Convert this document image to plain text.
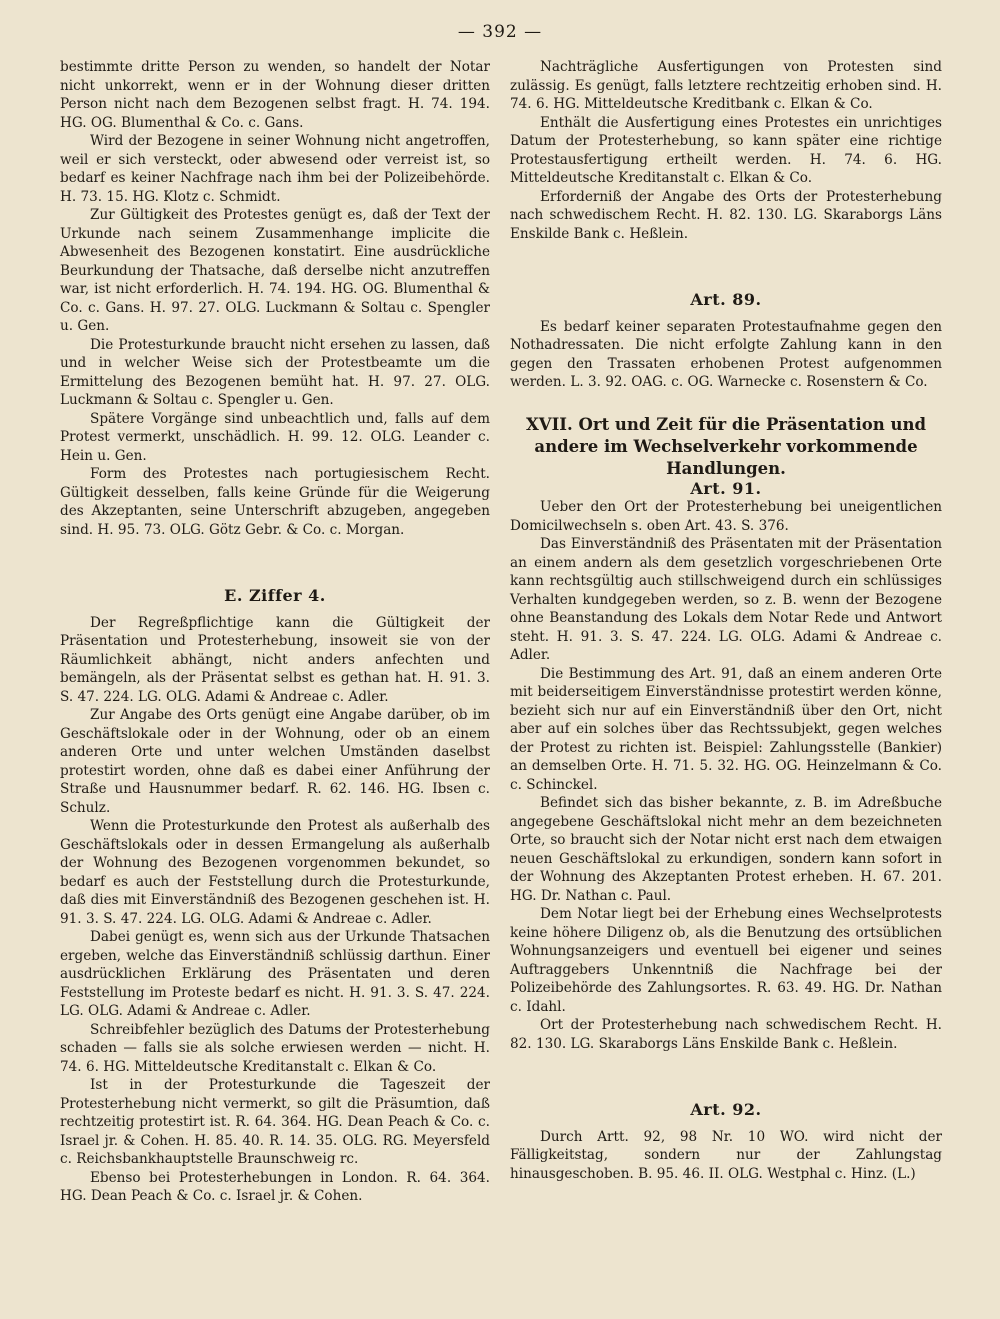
— 392 —

bestimmte dritte Person zu wenden, so handelt der Notar nicht unkorrekt, wenn er in der Wohnung dieser dritten Person nicht nach dem Bezogenen selbst fragt. H. 74. 194. HG. OG. Blumenthal & Co. c. Gans.

Wird der Bezogene in seiner Wohnung nicht angetroffen, weil er sich versteckt, oder abwesend oder verreist ist, so bedarf es keiner Nachfrage nach ihm bei der Polizeibehörde. H. 73. 15. HG. Klotz c. Schmidt.

Zur Gültigkeit des Protestes genügt es, daß der Text der Urkunde nach seinem Zusammenhange implicite die Abwesenheit des Bezogenen konstatirt. Eine ausdrückliche Beurkundung der Thatsache, daß derselbe nicht anzutreffen war, ist nicht erforderlich. H. 74. 194. HG. OG. Blumenthal & Co. c. Gans. H. 97. 27. OLG. Luckmann & Soltau c. Spengler u. Gen.

Die Protesturkunde braucht nicht ersehen zu lassen, daß und in welcher Weise sich der Protestbeamte um die Ermittelung des Bezogenen bemüht hat. H. 97. 27. OLG. Luckmann & Soltau c. Spengler u. Gen.

Spätere Vorgänge sind unbeachtlich und, falls auf dem Protest vermerkt, unschädlich. H. 99. 12. OLG. Leander c. Hein u. Gen.

Form des Protestes nach portugiesischem Recht. Gültigkeit desselben, falls keine Gründe für die Weigerung des Akzeptanten, seine Unterschrift abzugeben, angegeben sind. H. 95. 73. OLG. Götz Gebr. & Co. c. Morgan.

E. Ziffer 4.

Der Regreßpflichtige kann die Gültigkeit der Präsentation und Protesterhebung, insoweit sie von der Räumlichkeit abhängt, nicht anders anfechten und bemängeln, als der Präsentat selbst es gethan hat. H. 91. 3. S. 47. 224. LG. OLG. Adami & Andreae c. Adler.

Zur Angabe des Orts genügt eine Angabe darüber, ob im Geschäftslokale oder in der Wohnung, oder ob an einem anderen Orte und unter welchen Umständen daselbst protestirt worden, ohne daß es dabei einer Anführung der Straße und Hausnummer bedarf. R. 62. 146. HG. Ibsen c. Schulz.

Wenn die Protesturkunde den Protest als außerhalb des Geschäftslokals oder in dessen Ermangelung als außerhalb der Wohnung des Bezogenen vorgenommen bekundet, so bedarf es auch der Feststellung durch die Protesturkunde, daß dies mit Einverständniß des Bezogenen geschehen ist. H. 91. 3. S. 47. 224. LG. OLG. Adami & Andreae c. Adler.

Dabei genügt es, wenn sich aus der Urkunde Thatsachen ergeben, welche das Einverständniß schlüssig darthun. Einer ausdrücklichen Erklärung des Präsentaten und deren Feststellung im Proteste bedarf es nicht. H. 91. 3. S. 47. 224. LG. OLG. Adami & Andreae c. Adler.

Schreibfehler bezüglich des Datums der Protesterhebung schaden — falls sie als solche erwiesen werden — nicht. H. 74. 6. HG. Mitteldeutsche Kreditanstalt c. Elkan & Co.

Ist in der Protesturkunde die Tageszeit der Protesterhebung nicht vermerkt, so gilt die Präsumtion, daß rechtzeitig protestirt ist. R. 64. 364. HG. Dean Peach & Co. c. Israel jr. & Cohen. H. 85. 40. R. 14. 35. OLG. RG. Meyersfeld c. Reichsbankhauptstelle Braunschweig rc.

Ebenso bei Protesterhebungen in London. R. 64. 364. HG. Dean Peach & Co. c. Israel jr. & Cohen.

Nachträgliche Ausfertigungen von Protesten sind zulässig. Es genügt, falls letztere rechtzeitig erhoben sind. H. 74. 6. HG. Mitteldeutsche Kreditbank c. Elkan & Co.

Enthält die Ausfertigung eines Protestes ein unrichtiges Datum der Protesterhebung, so kann später eine richtige Protestausfertigung ertheilt werden. H. 74. 6. HG. Mitteldeutsche Kreditanstalt c. Elkan & Co.

Erforderniß der Angabe des Orts der Protesterhebung nach schwedischem Recht. H. 82. 130. LG. Skaraborgs Läns Enskilde Bank c. Heßlein.

Art. 89.

Es bedarf keiner separaten Protestaufnahme gegen den Nothadressaten. Die nicht erfolgte Zahlung kann in den gegen den Trassaten erhobenen Protest aufgenommen werden. L. 3. 92. OAG. c. OG. Warnecke c. Rosenstern & Co.

XVII. Ort und Zeit für die Präsentation und andere im Wechselverkehr vorkommende Handlungen.

Art. 91.

Ueber den Ort der Protesterhebung bei uneigentlichen Domicilwechseln s. oben Art. 43. S. 376.

Das Einverständniß des Präsentaten mit der Präsentation an einem andern als dem gesetzlich vorgeschriebenen Orte kann rechtsgültig auch stillschweigend durch ein schlüssiges Verhalten kundgegeben werden, so z. B. wenn der Bezogene ohne Beanstandung des Lokals dem Notar Rede und Antwort steht. H. 91. 3. S. 47. 224. LG. OLG. Adami & Andreae c. Adler.

Die Bestimmung des Art. 91, daß an einem anderen Orte mit beiderseitigem Einverständnisse protestirt werden könne, bezieht sich nur auf ein Einverständniß über den Ort, nicht aber auf ein solches über das Rechtssubjekt, gegen welches der Protest zu richten ist. Beispiel: Zahlungsstelle (Bankier) an demselben Orte. H. 71. 5. 32. HG. OG. Heinzelmann & Co. c. Schinckel.

Befindet sich das bisher bekannte, z. B. im Adreßbuche angegebene Geschäftslokal nicht mehr an dem bezeichneten Orte, so braucht sich der Notar nicht erst nach dem etwaigen neuen Geschäftslokal zu erkundigen, sondern kann sofort in der Wohnung des Akzeptanten Protest erheben. H. 67. 201. HG. Dr. Nathan c. Paul.

Dem Notar liegt bei der Erhebung eines Wechselprotests keine höhere Diligenz ob, als die Benutzung des ortsüblichen Wohnungsanzeigers und eventuell bei eigener und seines Auftraggebers Unkenntniß die Nachfrage bei der Polizeibehörde des Zahlungsortes. R. 63. 49. HG. Dr. Nathan c. Idahl.

Ort der Protesterhebung nach schwedischem Recht. H. 82. 130. LG. Skaraborgs Läns Enskilde Bank c. Heßlein.

Art. 92.

Durch Artt. 92, 98 Nr. 10 WO. wird nicht der Fälligkeitstag, sondern nur der Zahlungstag hinausgeschoben. B. 95. 46. II. OLG. Westphal c. Hinz. (L.)
